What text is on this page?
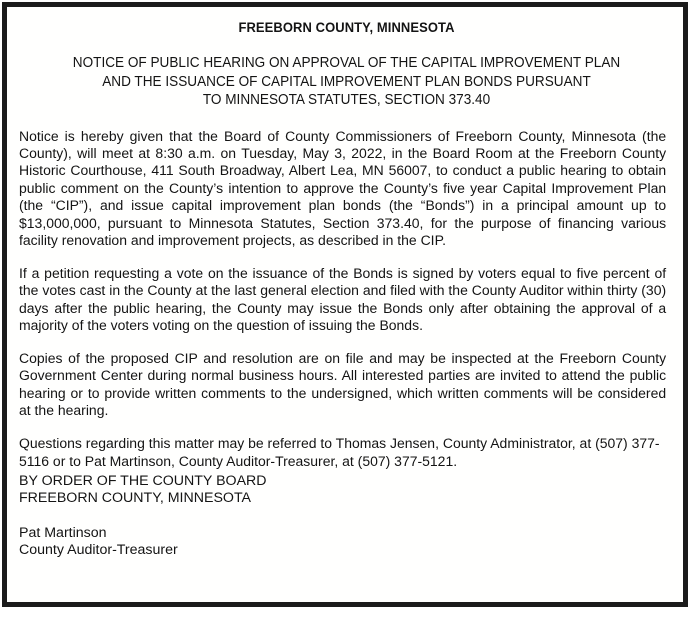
FREEBORN COUNTY, MINNESOTA
NOTICE OF PUBLIC HEARING ON APPROVAL OF THE CAPITAL IMPROVEMENT PLAN
AND THE ISSUANCE OF CAPITAL IMPROVEMENT PLAN BONDS PURSUANT
TO MINNESOTA STATUTES, SECTION 373.40

Notice is hereby given that the Board of County Commissioners of Freeborn County, Minnesota (the County), will meet at 8:30 a.m. on Tuesday, May 3, 2022, in the Board Room at the Freeborn County Historic Courthouse, 411 South Broadway, Albert Lea, MN 56007, to conduct a public hearing to obtain public comment on the County’s intention to approve the County’s five year Capital Improvement Plan (the “CIP”), and issue capital improvement plan bonds (the “Bonds”) in a principal amount up to $13,000,000, pursuant to Minnesota Statutes, Section 373.40, for the purpose of financing various facility renovation and improvement projects, as described in the CIP.

If a petition requesting a vote on the issuance of the Bonds is signed by voters equal to five percent of the votes cast in the County at the last general election and filed with the County Auditor within thirty (30) days after the public hearing, the County may issue the Bonds only after obtaining the approval of a majority of the voters voting on the question of issuing the Bonds.

Copies of the proposed CIP and resolution are on file and may be inspected at the Freeborn County Government Center during normal business hours. All interested parties are invited to attend the public hearing or to provide written comments to the undersigned, which written comments will be considered at the hearing.

Questions regarding this matter may be referred to Thomas Jensen, County Administrator, at (507) 377-5116 or to Pat Martinson, County Auditor-Treasurer, at (507) 377-5121.

BY ORDER OF THE COUNTY BOARD
FREEBORN COUNTY, MINNESOTA
Pat Martinson
County Auditor-Treasurer
